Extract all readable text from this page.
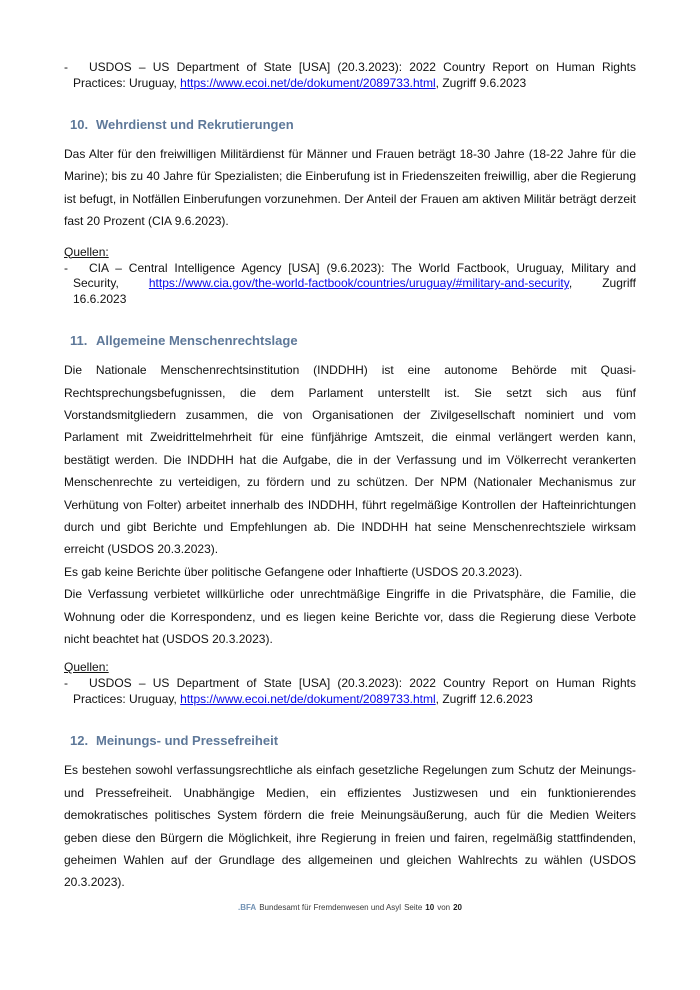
- USDOS – US Department of State [USA] (20.3.2023): 2022 Country Report on Human Rights Practices: Uruguay, https://www.ecoi.net/de/dokument/2089733.html, Zugriff 9.6.2023
10. Wehrdienst und Rekrutierungen
Das Alter für den freiwilligen Militärdienst für Männer und Frauen beträgt 18-30 Jahre (18-22 Jahre für die Marine); bis zu 40 Jahre für Spezialisten; die Einberufung ist in Friedenszeiten freiwillig, aber die Regierung ist befugt, in Notfällen Einberufungen vorzunehmen. Der Anteil der Frauen am aktiven Militär beträgt derzeit fast 20 Prozent (CIA 9.6.2023).
Quellen:
- CIA – Central Intelligence Agency [USA] (9.6.2023): The World Factbook, Uruguay, Military and Security, https://www.cia.gov/the-world-factbook/countries/uruguay/#military-and-security, Zugriff 16.6.2023
11. Allgemeine Menschenrechtslage
Die Nationale Menschenrechtsinstitution (INDDHH) ist eine autonome Behörde mit Quasi-Rechtsprechungsbefugnissen, die dem Parlament unterstellt ist. Sie setzt sich aus fünf Vorstandsmitgliedern zusammen, die von Organisationen der Zivilgesellschaft nominiert und vom Parlament mit Zweidrittelmehrheit für eine fünfjährige Amtszeit, die einmal verlängert werden kann, bestätigt werden. Die INDDHH hat die Aufgabe, die in der Verfassung und im Völkerrecht verankerten Menschenrechte zu verteidigen, zu fördern und zu schützen. Der NPM (Nationaler Mechanismus zur Verhütung von Folter) arbeitet innerhalb des INDDHH, führt regelmäßige Kontrollen der Hafteinrichtungen durch und gibt Berichte und Empfehlungen ab. Die INDDHH hat seine Menschenrechtsziele wirksam erreicht (USDOS 20.3.2023).
Es gab keine Berichte über politische Gefangene oder Inhaftierte (USDOS 20.3.2023).
Die Verfassung verbietet willkürliche oder unrechtmäßige Eingriffe in die Privatsphäre, die Familie, die Wohnung oder die Korrespondenz, und es liegen keine Berichte vor, dass die Regierung diese Verbote nicht beachtet hat (USDOS 20.3.2023).
Quellen:
- USDOS – US Department of State [USA] (20.3.2023): 2022 Country Report on Human Rights Practices: Uruguay, https://www.ecoi.net/de/dokument/2089733.html, Zugriff 12.6.2023
12. Meinungs- und Pressefreiheit
Es bestehen sowohl verfassungsrechtliche als einfach gesetzliche Regelungen zum Schutz der Meinungs- und Pressefreiheit. Unabhängige Medien, ein effizientes Justizwesen und ein funktionierendes demokratisches politisches System fördern die freie Meinungsäußerung, auch für die Medien Weiters geben diese den Bürgern die Möglichkeit, ihre Regierung in freien und fairen, regelmäßig stattfindenden, geheimen Wahlen auf der Grundlage des allgemeinen und gleichen Wahlrechts zu wählen (USDOS 20.3.2023).
.BFA Bundesamt für Fremdenwesen und Asyl Seite 10 von 20
